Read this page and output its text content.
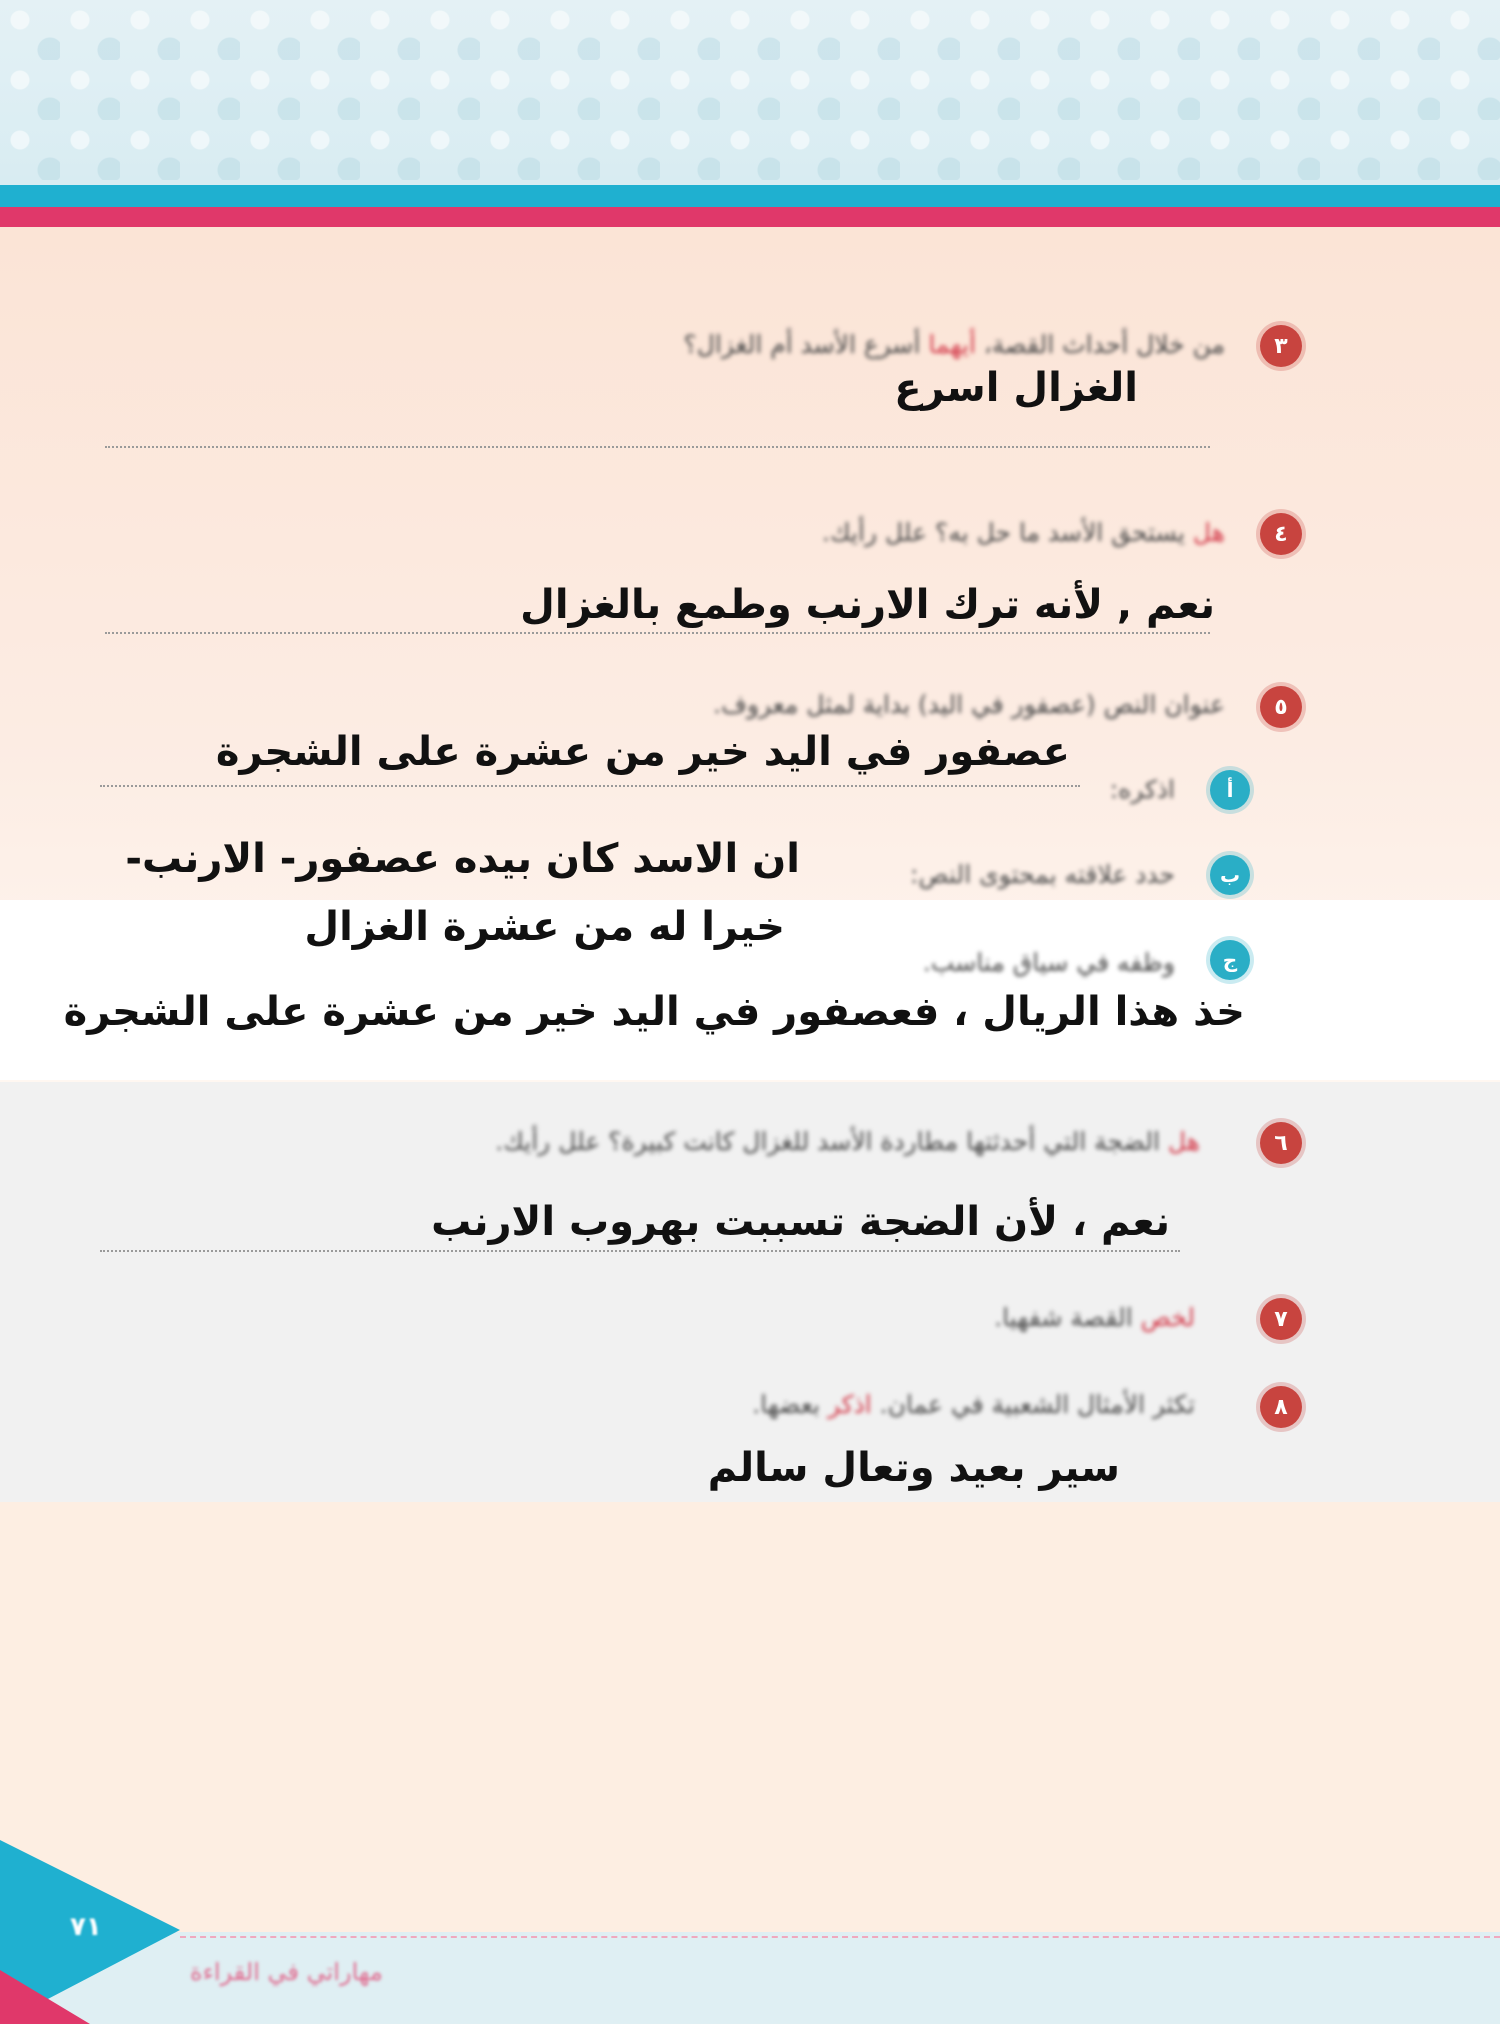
٧١
مهاراتي في القراءة
٣
من خلال أحداث القصة، أيهما أسرع الأسد أم الغزال؟
الغزال اسرع
٤
هل يستحق الأسد ما حل به؟ علل رأيك.
نعم , لأنه ترك الارنب وطمع بالغزال
٥
عنوان النص (عصفور في اليد) بداية لمثل معروف.
عصفور في اليد خير من عشرة على الشجرة
أ
اذكره:
ب
حدد علاقته بمحتوى النص:
ان الاسد كان بيده عصفور- الارنب-
خيرا له من عشرة الغزال
ج
وظفه في سياق مناسب.
خذ هذا الريال ، فعصفور في اليد خير من عشرة على الشجرة
٦
هل الضجة التي أحدثتها مطاردة الأسد للغزال كانت كبيرة؟ علل رأيك.
نعم ، لأن الضجة تسببت بهروب الارنب
٧
لخص القصة شفهيا.
٨
تكثر الأمثال الشعبية في عمان. اذكر بعضها.
سير بعيد وتعال سالم
